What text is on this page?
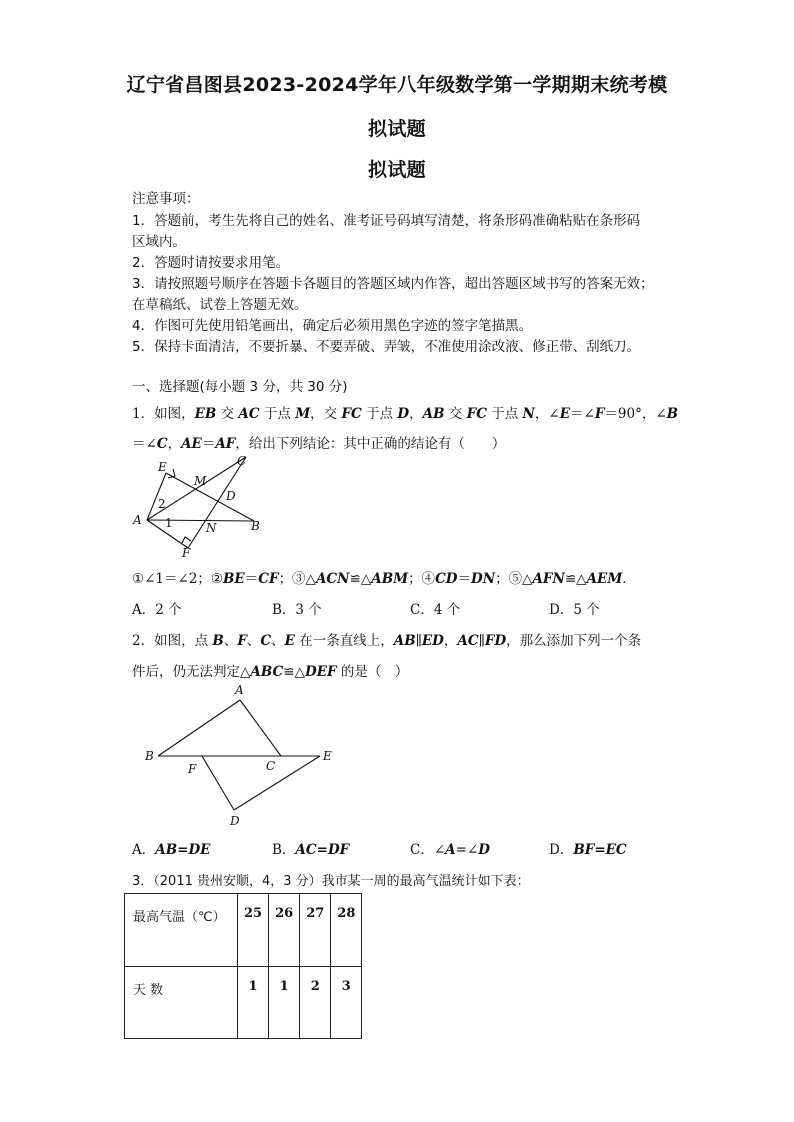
辽宁省昌图县2023-2024学年八年级数学第一学期期末统考模
拟试题
拟试题
注意事项：
1．答题前，考生先将自己的姓名、准考证号码填写清楚，将条形码准确粘贴在条形码
区域内。
2．答题时请按要求用笔。
3．请按照题号顺序在答题卡各题目的答题区域内作答，超出答题区域书写的答案无效；
在草稿纸、试卷上答题无效。
4．作图可先使用铅笔画出，确定后必须用黑色字迹的签字笔描黑。
5．保持卡面清洁，不要折暴、不要弄破、弄皱，不准使用涂改液、修正带、刮纸刀。
一、选择题(每小题 3 分，共 30 分)
1．如图，EB 交 AC 于点 M，交 FC 于点 D，AB 交 FC 于点 N，∠E＝∠F＝90°，∠B
＝∠C，AE＝AF，给出下列结论：其中正确的结论有（　　）
E	C
M
D
2
A 1	N	B
F
①∠1＝∠2；②BE＝CF；③△ACN≌△ABM；④CD＝DN；⑤△AFN≌△AEM．
A．2 个	B．3 个	C．4 个	D．5 个
2．如图，点 B、F、C、E 在一条直线上，AB∥ED，AC∥FD，那么添加下列一个条
件后，仍无法判定△ABC≌△DEF 的是（　）
A
B
F	C
E
D
A．AB=DE	B．AC=DF	C．∠A=∠D	D．BF=EC
3．（2011 贵州安顺，4，3 分）我市某一周的最高气温统计如下表：
最高气温（℃）	25	26	27	28
天 数	1	1	2	3
